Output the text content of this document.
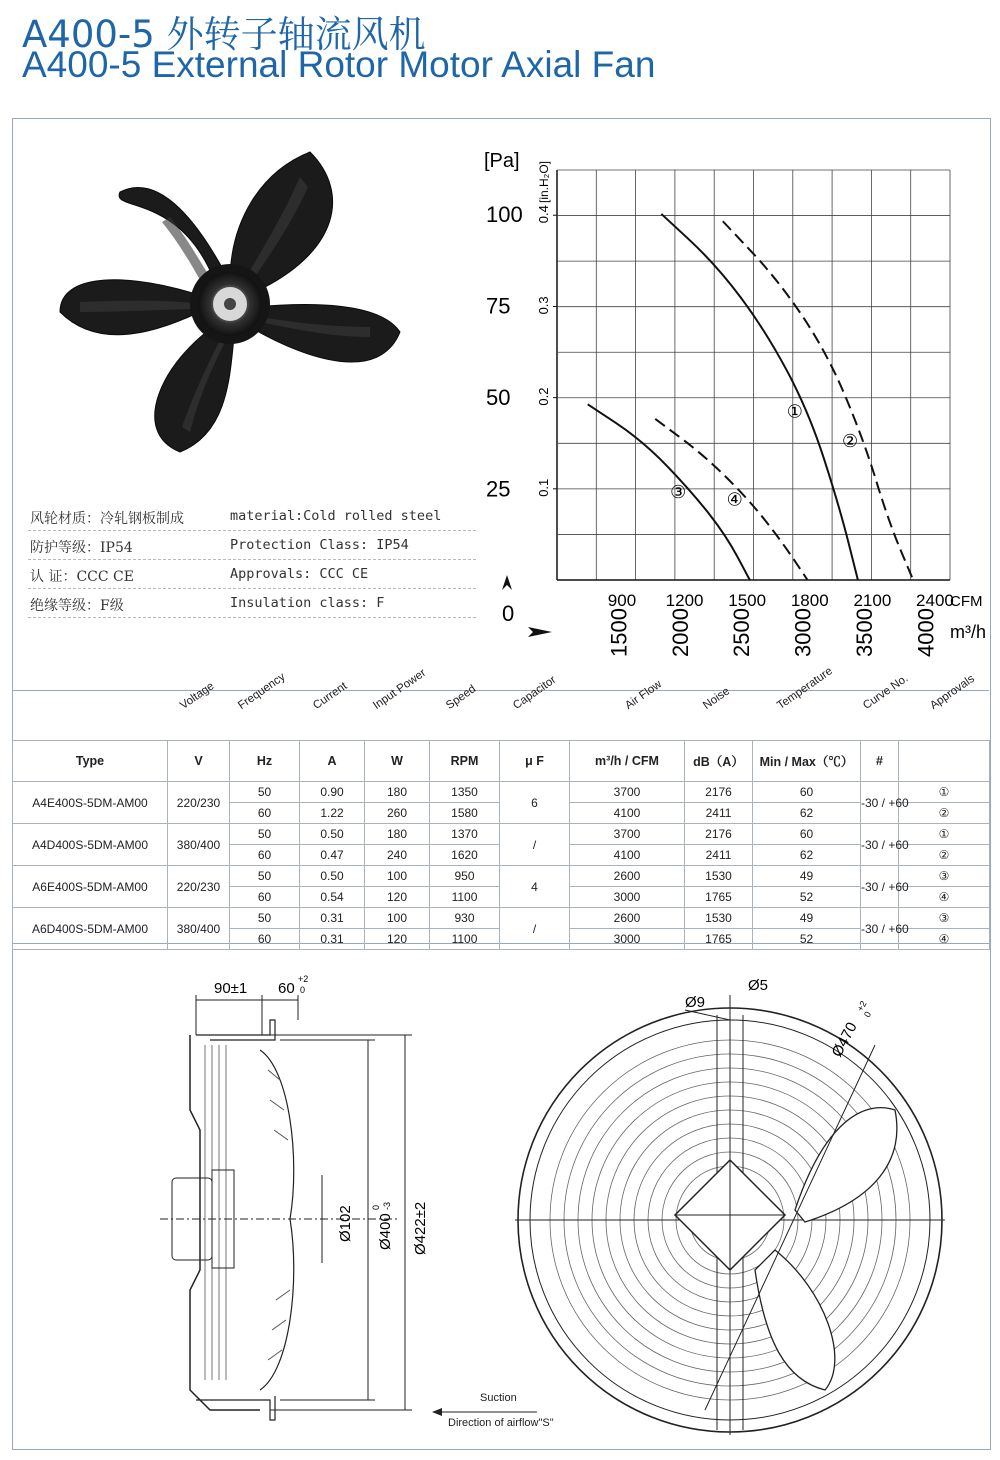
A400-5 外转子轴流风机
A400-5 External Rotor Motor Axial Fan
风轮材质：冷轧钢板制成	material:Cold rolled steel
防护等级：IP54	Protection Class: IP54
认 证：CCC CE	Approvals: CCC CE
绝缘等级：F级	Insulation class: F
[Pa] [in.H₂O]
100
75
50
25
0.4
0.3
0.2
0.1
900 1200 1500 1800 2100 2400
1500 2000 2500 3000 3500 4000
①
②
③ ④
0	CFM
m³/h
Voltage Frequency Current Input Power Speed	Capacitor	Air Flow	Noise	Temperature Curve No. Approvals
Type	V	Hz	A	W	RPM	μ F	m³/h / CFM	dB（A）	Min / Max（℃）	#		
A4E400S-5DM-AM00	220/230	50	0.90	180	1350	6	3700	2176	60	-30 / +60	①	
		60	1.22	260	1580		4100	2411	62		②	
A4D400S-5DM-AM00	380/400	50	0.50	180	1370	/	3700	2176	60	-30 / +60	①	
		60	0.47	240	1620		4100	2411	62		②	
A6E400S-5DM-AM00	220/230	50	0.50	100	950	4	2600	1530	49	-30 / +60	③	
		60	0.54	120	1100		3000	1765	52		④	
A6D400S-5DM-AM00	380/400	50	0.31	100	930	/	2600	1530	49	-30 / +60	③	
		60	0.31	120	1100		3000	1765	52		④	
90±1 60
+2
0
Ø102 Ø400
0 -3 Ø422±2
Ø5
Ø9
Ø470
+2
0
Suction
Direction of airflow"S"
